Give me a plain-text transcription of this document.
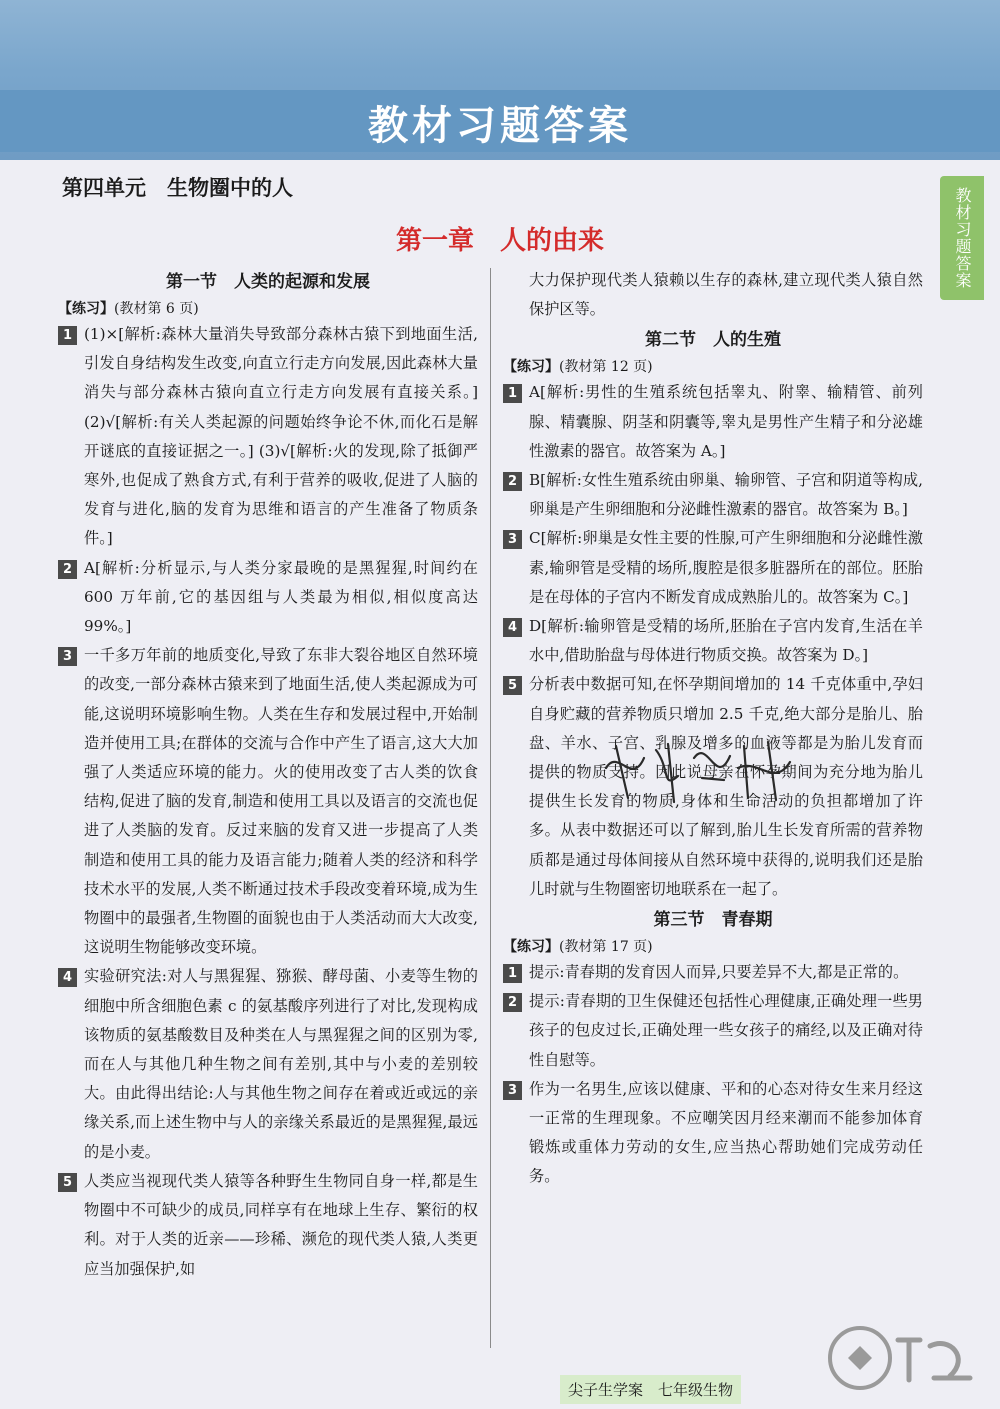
教材习题答案
第四单元　生物圈中的人	教材习题答案
第一章　人的由来
第一节　人类的起源和发展
【练习】(教材第 6 页)
1 (1)×[解析:森林大量消失导致部分森林古猿下到地面生活,引发自身结构发生改变,向直立行走方向发展,因此森林大量消失与部分森林古猿向直立行走方向发展有直接关系。] (2)√[解析:有关人类起源的问题始终争论不休,而化石是解开谜底的直接证据之一。] (3)√[解析:火的发现,除了抵御严寒外,也促成了熟食方式,有利于营养的吸收,促进了人脑的发育与进化,脑的发育为思维和语言的产生准备了物质条件。]
2 A[解析:分析显示,与人类分家最晚的是黑猩猩,时间约在 600 万年前,它的基因组与人类最为相似,相似度高达 99%。]
3 一千多万年前的地质变化,导致了东非大裂谷地区自然环境的改变,一部分森林古猿来到了地面生活,使人类起源成为可能,这说明环境影响生物。人类在生存和发展过程中,开始制造并使用工具;在群体的交流与合作中产生了语言,这大大加强了人类适应环境的能力。火的使用改变了古人类的饮食结构,促进了脑的发育,制造和使用工具以及语言的交流也促进了人类脑的发育。反过来脑的发育又进一步提高了人类制造和使用工具的能力及语言能力;随着人类的经济和科学技术水平的发展,人类不断通过技术手段改变着环境,成为生物圈中的最强者,生物圈的面貌也由于人类活动而大大改变,这说明生物能够改变环境。
4 实验研究法:对人与黑猩猩、猕猴、酵母菌、小麦等生物的细胞中所含细胞色素 c 的氨基酸序列进行了对比,发现构成该物质的氨基酸数目及种类在人与黑猩猩之间的区别为零,而在人与其他几种生物之间有差别,其中与小麦的差别较大。由此得出结论:人与其他生物之间存在着或近或远的亲缘关系,而上述生物中与人的亲缘关系最近的是黑猩猩,最远的是小麦。
5 人类应当视现代类人猿等各种野生生物同自身一样,都是生物圈中不可缺少的成员,同样享有在地球上生存、繁衍的权利。对于人类的近亲——珍稀、濒危的现代类人猿,人类更应当加强保护,如
大力保护现代类人猿赖以生存的森林,建立现代类人猿自然保护区等。
第二节　人的生殖
【练习】(教材第 12 页)
1 A[解析:男性的生殖系统包括睾丸、附睾、输精管、前列腺、精囊腺、阴茎和阴囊等,睾丸是男性产生精子和分泌雄性激素的器官。故答案为 A。]
2 B[解析:女性生殖系统由卵巢、输卵管、子宫和阴道等构成,卵巢是产生卵细胞和分泌雌性激素的器官。故答案为 B。]
3 C[解析:卵巢是女性主要的性腺,可产生卵细胞和分泌雌性激素,输卵管是受精的场所,腹腔是很多脏器所在的部位。胚胎是在母体的子宫内不断发育成成熟胎儿的。故答案为 C。]
4 D[解析:输卵管是受精的场所,胚胎在子宫内发育,生活在羊水中,借助胎盘与母体进行物质交换。故答案为 D。]
5 分析表中数据可知,在怀孕期间增加的 14 千克体重中,孕妇自身贮藏的营养物质只增加 2.5 千克,绝大部分是胎儿、胎盘、羊水、子宫、乳腺及增多的血液等都是为胎儿发育而提供的物质支持。因此说母亲在怀孕期间为充分地为胎儿提供生长发育的物质,身体和生命活动的负担都增加了许多。从表中数据还可以了解到,胎儿生长发育所需的营养物质都是通过母体间接从自然环境中获得的,说明我们还是胎儿时就与生物圈密切地联系在一起了。
第三节　青春期
【练习】(教材第 17 页)
1 提示:青春期的发育因人而异,只要差异不大,都是正常的。
2 提示:青春期的卫生保健还包括性心理健康,正确处理一些男孩子的包皮过长,正确处理一些女孩子的痛经,以及正确对待性自慰等。
3 作为一名男生,应该以健康、平和的心态对待女生来月经这一正常的生理现象。不应嘲笑因月经来潮而不能参加体育锻炼或重体力劳动的女生,应当热心帮助她们完成劳动任务。
尖子生学案　七年级生物
